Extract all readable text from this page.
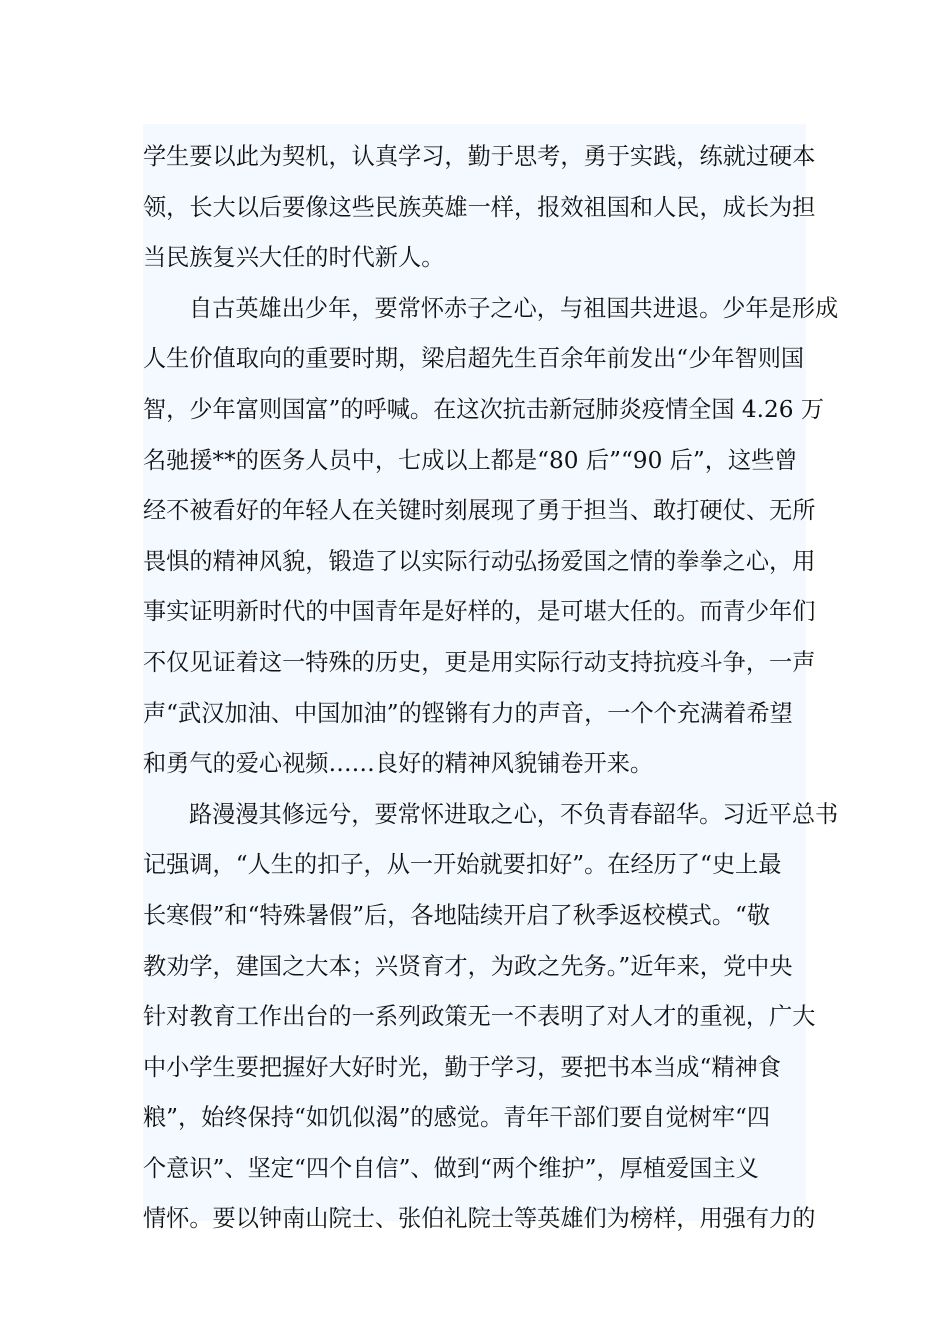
学生要以此为契机，认真学习，勤于思考，勇于实践，练就过硬本
领，长大以后要像这些民族英雄一样，报效祖国和人民，成长为担
当民族复兴大任的时代新人。
自古英雄出少年，要常怀赤子之心，与祖国共进退。少年是形成
人生价值取向的重要时期，梁启超先生百余年前发出“少年智则国
智，少年富则国富”的呼喊。在这次抗击新冠肺炎疫情全国 4.26 万
名驰援**的医务人员中，七成以上都是“80 后”“90 后”，这些曾
经不被看好的年轻人在关键时刻展现了勇于担当、敢打硬仗、无所
畏惧的精神风貌，锻造了以实际行动弘扬爱国之情的拳拳之心，用
事实证明新时代的中国青年是好样的，是可堪大任的。而青少年们
不仅见证着这一特殊的历史，更是用实际行动支持抗疫斗争，一声
声“武汉加油、中国加油”的铿锵有力的声音，一个个充满着希望
和勇气的爱心视频……良好的精神风貌铺卷开来。
路漫漫其修远兮，要常怀进取之心，不负青春韶华。习近平总书
记强调，“人生的扣子，从一开始就要扣好”。在经历了“史上最
长寒假”和“特殊暑假”后，各地陆续开启了秋季返校模式。“敬
教劝学，建国之大本；兴贤育才，为政之先务。”近年来，党中央
针对教育工作出台的一系列政策无一不表明了对人才的重视，广大
中小学生要把握好大好时光，勤于学习，要把书本当成“精神食
粮”，始终保持“如饥似渴”的感觉。青年干部们要自觉树牢“四
个意识”、坚定“四个自信”、做到“两个维护”，厚植爱国主义
情怀。要以钟南山院士、张伯礼院士等英雄们为榜样，用强有力的
